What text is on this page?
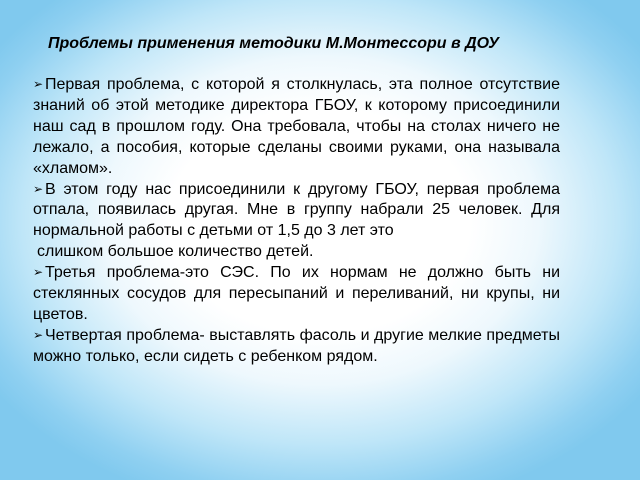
Проблемы применения методики М.Монтессори в ДОУ

➢ Первая проблема, с которой я столкнулась, эта полное отсутствие знаний об этой методике директора ГБОУ, к которому присоединили наш сад в прошлом году. Она требовала, чтобы на столах ничего не лежало, а пособия, которые сделаны своими руками, она называла «хламом».

➢ В этом году нас присоединили к другому ГБОУ, первая проблема отпала, появилась другая. Мне в группу набрали 25 человек. Для нормальной работы с детьми от 1,5 до 3 лет это

слишком большое количество детей.

➢ Третья проблема-это СЭС. По их нормам не должно быть ни стеклянных сосудов для пересыпаний и переливаний, ни крупы, ни цветов.

➢ Четвертая проблема- выставлять фасоль и другие мелкие предметы можно только, если сидеть с ребенком рядом.
